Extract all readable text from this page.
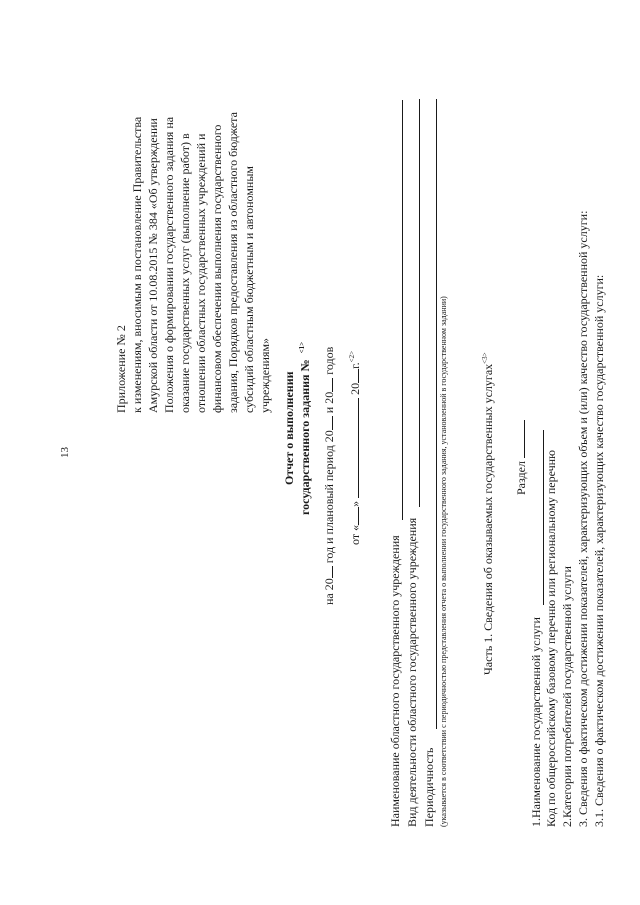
13
Приложение № 2 к изменениям, вносимым в постановление Правительства Амурской области от 10.08.2015 № 384 «Об утверждении Положения о формировании государственного задания на оказание государственных услуг (выполнение работ) в отношении областных государственных учреждений и финансовом обеспечении выполнения государственного задания, Порядков предоставления из областного бюджета субсидий областным бюджетным и автономным учреждениям» Отчет о выполнении государственного задания №  $^{<1>}$
на 20 год и плановый период 20 и 20 годов
от «»  20г.$^{<2>}$
Наименование областного государственного учреждения Вид деятельности областного государственного учреждения Периодичность (указывается в соответствии с периодичностью представления отчета о выполнении государственного задания, установленной в государственном задании)	Часть 1. Сведения об оказываемых государственных услугах$^{<3>}$
Раздел
1.Наименование государственной услуги Код по общероссийскому базовому перечню или региональному перечню 2.Категории потребителей государственной услуги 3. Сведения о фактическом достижении показателей, характеризующих объем и (или) качество государственной услуги: 3.1. Сведения о фактическом достижении показателей, характеризующих качество государственной услуги:
